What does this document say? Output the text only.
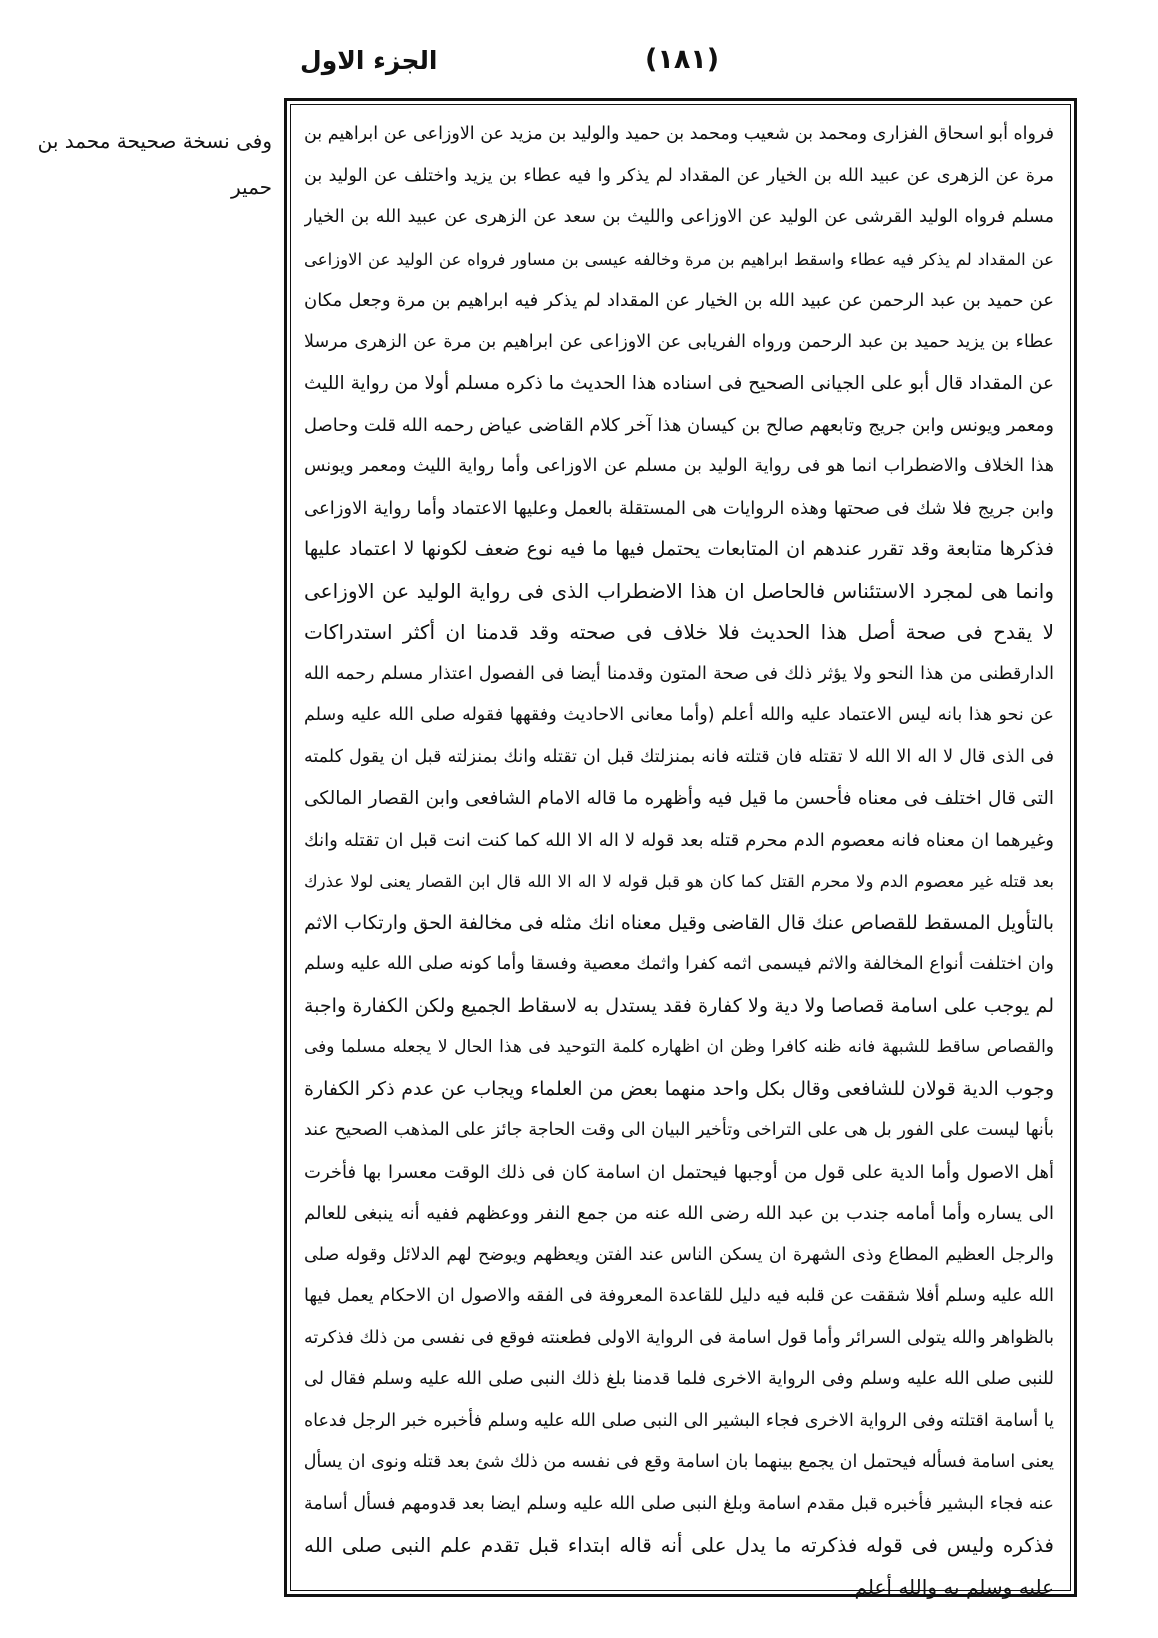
الجزء الاول	(١٨١)
وفى نسخة صحيحة محمد بن
حمير
فرواه أبو اسحاق الفزارى ومحمد بن شعيب ومحمد بن حميد والوليد بن مزيد عن الاوزاعى عن ابراهيم بن
مرة عن الزهرى عن عبيد الله بن الخيار عن المقداد لم يذكر وا فيه عطاء بن يزيد واختلف عن الوليد بن
مسلم فرواه الوليد القرشى عن الوليد عن الاوزاعى والليث بن سعد عن الزهرى عن عبيد الله بن الخيار
عن المقداد لم يذكر فيه عطاء واسقط ابراهيم بن مرة وخالفه عيسى بن مساور فرواه عن الوليد عن الاوزاعى
عن حميد بن عبد الرحمن عن عبيد الله بن الخيار عن المقداد لم يذكر فيه ابراهيم بن مرة وجعل مكان
عطاء بن يزيد حميد بن عبد الرحمن ورواه الفريابى عن الاوزاعى عن ابراهيم بن مرة عن الزهرى مرسلا
عن المقداد قال أبو على الجيانى الصحيح فى اسناده هذا الحديث ما ذكره مسلم أولا من رواية الليث
ومعمر ويونس وابن جريج وتابعهم صالح بن كيسان هذا آخر كلام القاضى عياض رحمه الله قلت وحاصل
هذا الخلاف والاضطراب انما هو فى رواية الوليد بن مسلم عن الاوزاعى وأما رواية الليث ومعمر ويونس
وابن جريج فلا شك فى صحتها وهذه الروايات هى المستقلة بالعمل وعليها الاعتماد وأما رواية الاوزاعى
فذكرها متابعة وقد تقرر عندهم ان المتابعات يحتمل فيها ما فيه نوع ضعف لكونها لا اعتماد عليها
وانما هى لمجرد الاستئناس فالحاصل ان هذا الاضطراب الذى فى رواية الوليد عن الاوزاعى
لا يقدح فى صحة أصل هذا الحديث فلا خلاف فى صحته وقد قدمنا ان أكثر استدراكات
الدارقطنى من هذا النحو ولا يؤثر ذلك فى صحة المتون وقدمنا أيضا فى الفصول اعتذار مسلم رحمه الله
عن نحو هذا بانه ليس الاعتماد عليه والله أعلم (وأما معانى الاحاديث وفقهها فقوله صلى الله عليه وسلم
فى الذى قال لا اله الا الله لا تقتله فان قتلته فانه بمنزلتك قبل ان تقتله وانك بمنزلته قبل ان يقول كلمته
التى قال اختلف فى معناه فأحسن ما قيل فيه وأظهره ما قاله الامام الشافعى وابن القصار المالكى
وغيرهما ان معناه فانه معصوم الدم محرم قتله بعد قوله لا اله الا الله كما كنت انت قبل ان تقتله وانك
بعد قتله غير معصوم الدم ولا محرم القتل كما كان هو قبل قوله لا اله الا الله قال ابن القصار يعنى لولا عذرك
بالتأويل المسقط للقصاص عنك قال القاضى وقيل معناه انك مثله فى مخالفة الحق وارتكاب الاثم
وان اختلفت أنواع المخالفة والاثم فيسمى اثمه كفرا واثمك معصية وفسقا وأما كونه صلى الله عليه وسلم
لم يوجب على اسامة قصاصا ولا دية ولا كفارة فقد يستدل به لاسقاط الجميع ولكن الكفارة واجبة
والقصاص ساقط للشبهة فانه ظنه كافرا وظن ان اظهاره كلمة التوحيد فى هذا الحال لا يجعله مسلما وفى
وجوب الدية قولان للشافعى وقال بكل واحد منهما بعض من العلماء ويجاب عن عدم ذكر الكفارة
بأنها ليست على الفور بل هى على التراخى وتأخير البيان الى وقت الحاجة جائز على المذهب الصحيح عند
أهل الاصول وأما الدية على قول من أوجبها فيحتمل ان اسامة كان فى ذلك الوقت معسرا بها فأخرت
الى يساره وأما أمامه جندب بن عبد الله رضى الله عنه من جمع النفر ووعظهم ففيه أنه ينبغى للعالم
والرجل العظيم المطاع وذى الشهرة ان يسكن الناس عند الفتن ويعظهم ويوضح لهم الدلائل وقوله صلى
الله عليه وسلم أفلا شققت عن قلبه فيه دليل للقاعدة المعروفة فى الفقه والاصول ان الاحكام يعمل فيها
بالظواهر والله يتولى السرائر وأما قول اسامة فى الرواية الاولى فطعنته فوقع فى نفسى من ذلك فذكرته
للنبى صلى الله عليه وسلم وفى الرواية الاخرى فلما قدمنا بلغ ذلك النبى صلى الله عليه وسلم فقال لى
يا أسامة اقتلته وفى الرواية الاخرى فجاء البشير الى النبى صلى الله عليه وسلم فأخبره خبر الرجل فدعاه
يعنى اسامة فسأله فيحتمل ان يجمع بينهما بان اسامة وقع فى نفسه من ذلك شئ بعد قتله ونوى ان يسأل
عنه فجاء البشير فأخبره قبل مقدم اسامة وبلغ النبى صلى الله عليه وسلم ايضا بعد قدومهم فسأل أسامة
فذكره وليس فى قوله فذكرته ما يدل على أنه قاله ابتداء قبل تقدم علم النبى صلى الله
عليه وسلم به والله أعلم
